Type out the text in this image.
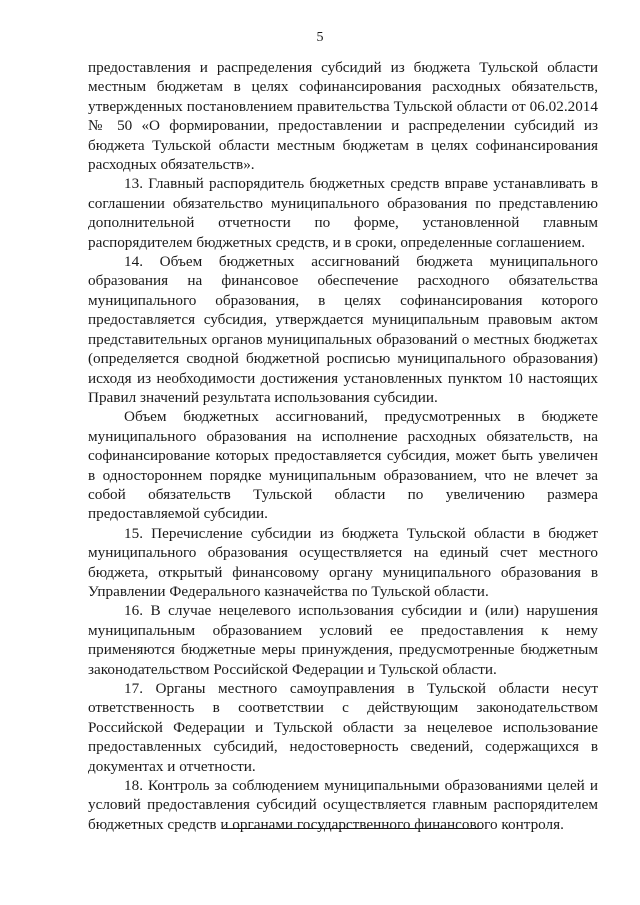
5

предоставления и распределения субсидий из бюджета Тульской области местным бюджетам в целях софинансирования расходных обязательств, утвержденных постановлением правительства Тульской области от 06.02.2014 № 50 «О формировании, предоставлении и распределении субсидий из бюджета Тульской области местным бюджетам в целях софинансирования расходных обязательств».

13. Главный распорядитель бюджетных средств вправе устанавливать в соглашении обязательство муниципального образования по представлению дополнительной отчетности по форме, установленной главным распорядителем бюджетных средств, и в сроки, определенные соглашением.

14. Объем бюджетных ассигнований бюджета муниципального образования на финансовое обеспечение расходного обязательства муниципального образования, в целях софинансирования которого предоставляется субсидия, утверждается муниципальным правовым актом представительных органов муниципальных образований о местных бюджетах (определяется сводной бюджетной росписью муниципального образования) исходя из необходимости достижения установленных пунктом 10 настоящих Правил значений результата использования субсидии.

Объем бюджетных ассигнований, предусмотренных в бюджете муниципального образования на исполнение расходных обязательств, на софинансирование которых предоставляется субсидия, может быть увеличен в одностороннем порядке муниципальным образованием, что не влечет за собой обязательств Тульской области по увеличению размера предоставляемой субсидии.

15. Перечисление субсидии из бюджета Тульской области в бюджет муниципального образования осуществляется на единый счет местного бюджета, открытый финансовому органу муниципального образования в Управлении Федерального казначейства по Тульской области.

16. В случае нецелевого использования субсидии и (или) нарушения муниципальным образованием условий ее предоставления к нему применяются бюджетные меры принуждения, предусмотренные бюджетным законодательством Российской Федерации и Тульской области.

17. Органы местного самоуправления в Тульской области несут ответственность в соответствии с действующим законодательством Российской Федерации и Тульской области за нецелевое использование предоставленных субсидий, недостоверность сведений, содержащихся в документах и отчетности.

18. Контроль за соблюдением муниципальными образованиями целей и условий предоставления субсидий осуществляется главным распорядителем бюджетных средств и органами государственного финансового контроля.
